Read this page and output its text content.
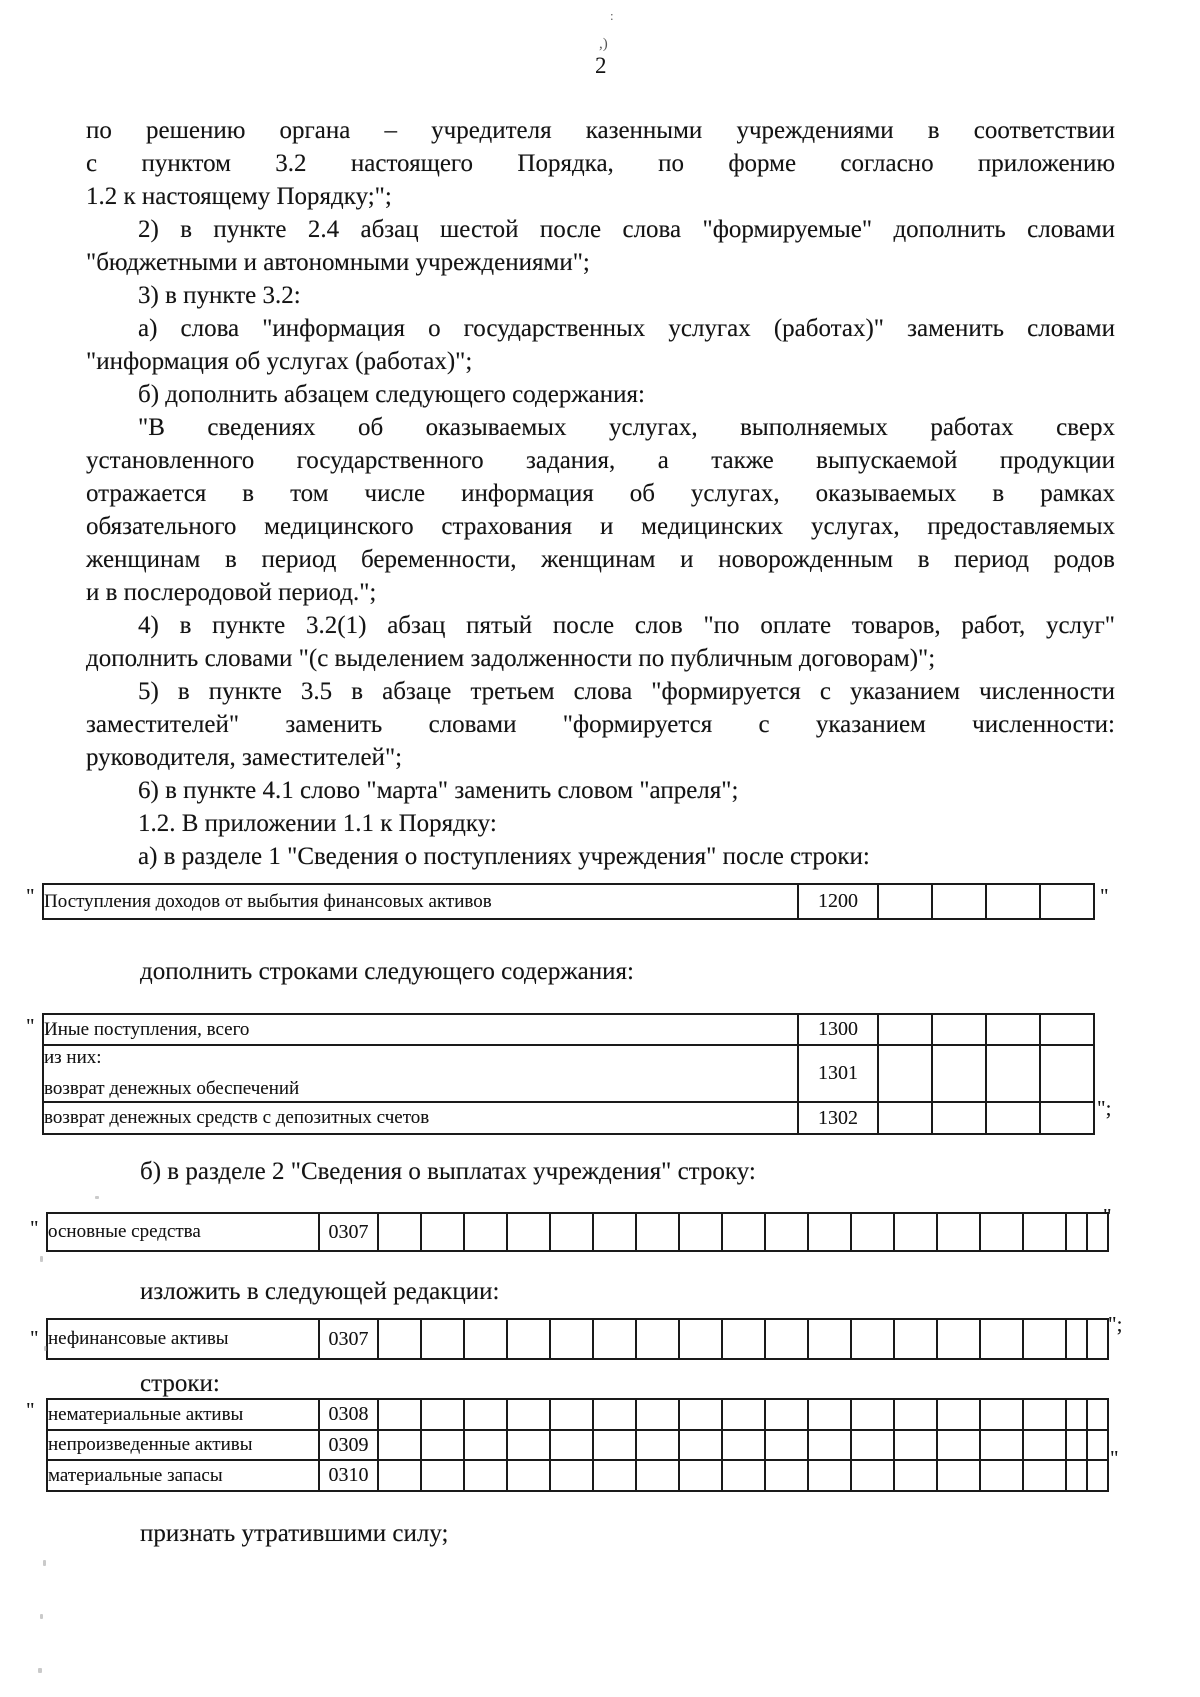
:
,)
2
по решению органа – учредителя казенными учреждениями в соответствии
с пунктом 3.2 настоящего Порядка, по форме согласно приложению
1.2 к настоящему Порядку;";
2) в пункте 2.4 абзац шестой после слова "формируемые" дополнить словами
"бюджетными и автономными учреждениями";
3) в пункте 3.2:
а) слова "информация о государственных услугах (работах)" заменить словами
"информация об услугах (работах)";
б) дополнить абзацем следующего содержания:
"В сведениях об оказываемых услугах, выполняемых работах сверх
установленного государственного задания, а также выпускаемой продукции
отражается в том числе информация об услугах, оказываемых в рамках
обязательного медицинского страхования и медицинских услугах, предоставляемых
женщинам в период беременности, женщинам и новорожденным в период родов
и в послеродовой период.";
4) в пункте 3.2(1) абзац пятый после слов "по оплате товаров, работ, услуг"
дополнить словами "(с выделением задолженности по публичным договорам)";
5) в пункте 3.5 в абзаце третьем слова "формируется с указанием численности
заместителей" заменить словами "формируется с указанием численности:
руководителя, заместителей";
6) в пункте 4.1 слово "марта" заменить словом "апреля";
1.2. В приложении 1.1 к Порядку:
а) в разделе 1 "Сведения о поступлениях учреждения" после строки:
" Поступления доходов от выбытия финансовых активов	1200					"
дополнить строками следующего содержания:
" Иные поступления, всего	1300				

из них:
возврат денежных обеспечений	1301				
возврат денежных средств с депозитных счетов	1302					";
б) в разделе 2 "Сведения о выплатах учреждения" строку:
" основные средства	0307																		
"
изложить в следующей редакции:
" нефинансовые активы	0307																		
";
строки:
" нематериальные активы	0308																		
непроизведенные активы	0309																		
материальные запасы	0310																		
"
признать утратившими силу;
